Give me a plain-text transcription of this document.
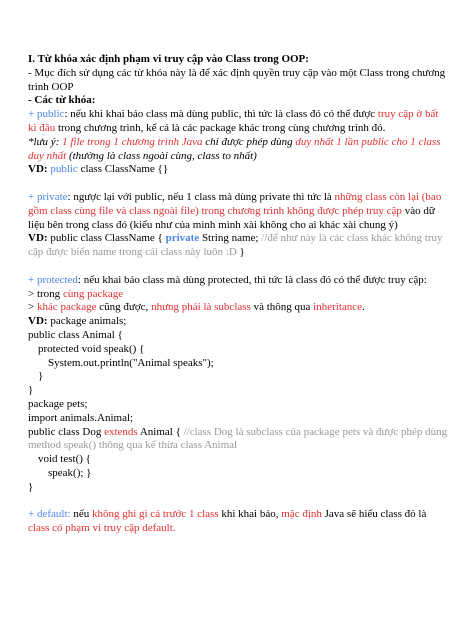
I. Từ khóa xác định phạm vi truy cập vào Class trong OOP:

- Mục đích sử dụng các từ khóa này là để xác định quyền truy cập vào một Class trong chương trình OOP

- Các từ khóa:

+ public: nếu khi khai báo class mà dùng public, thì tức là class đó có thể được truy cập ở bất kì đâu trong chương trình, kể cả là các package khác trong cùng chương trình đó.

*lưu ý: 1 file trong 1 chương trình Java chỉ được phép dùng duy nhất 1 lần public cho 1 class duy nhất (thường là class ngoài cùng, class to nhất)

VD: public class ClassName {}

+ private: ngược lại với public, nếu 1 class mà dùng private thì tức là những class còn lại (bao gồm class cùng file và class ngoài file) trong chương trình không được phép truy cập vào dữ liệu bên trong class đó (kiểu như của mình mình xài không cho ai khác xài chung ý)

VD: public class ClassName { private String name; //để như này là các class khác không truy cập được biến name trong cái class này luôn :D }

+ protected: nếu khai báo class mà dùng protected, thì tức là class đó có thể được truy cập:

> trong cùng package

> khác package cũng được, nhưng phải là subclass và thông qua inheritance.

VD: package animals;

public class Animal {

protected void speak() {

System.out.println("Animal speaks");

}

}

package pets;

import animals.Animal;

public class Dog extends Animal { //class Dog là subclass của package pets và được phép dùng method speak() thông qua kế thừa class Animal

void test() {

speak(); }

}

+ default: nếu không ghi gì cả trước 1 class khi khai báo, mặc định Java sẽ hiểu class đó là class có phạm vi truy cập default.
